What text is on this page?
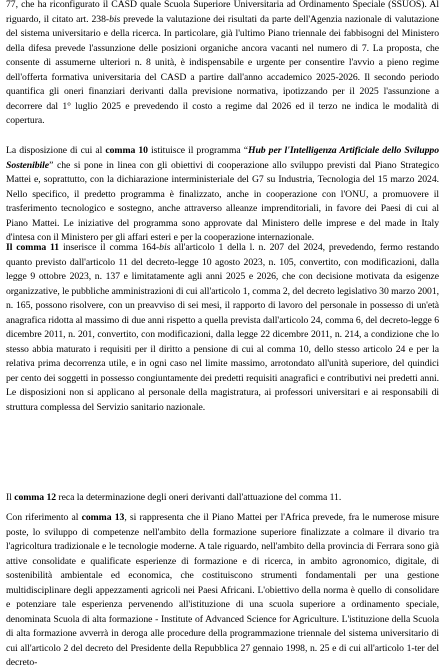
77, che ha riconfigurato il CASD quale Scuola Superiore Universitaria ad Ordinamento Speciale (SSUOS). Al riguardo, il citato art. 238-bis prevede la valutazione dei risultati da parte dell'Agenzia nazionale di valutazione del sistema universitario e della ricerca. In particolare, già l'ultimo Piano triennale dei fabbisogni del Ministero della difesa prevede l'assunzione delle posizioni organiche ancora vacanti nel numero di 7. La proposta, che consente di assumerne ulteriori n. 8 unità, è indispensabile e urgente per consentire l'avvio a pieno regime dell'offerta formativa universitaria del CASD a partire dall'anno accademico 2025-2026. Il secondo periodo quantifica gli oneri finanziari derivanti dalla previsione normativa, ipotizzando per il 2025 l'assunzione a decorrere dal 1° luglio 2025 e prevedendo il costo a regime dal 2026 ed il terzo ne indica le modalità di copertura.

La disposizione di cui al comma 10 istituisce il programma “Hub per l'Intelligenza Artificiale dello Sviluppo Sostenibile” che si pone in linea con gli obiettivi di cooperazione allo sviluppo previsti dal Piano Strategico Mattei e, soprattutto, con la dichiarazione interministeriale del G7 su Industria, Tecnologia del 15 marzo 2024. Nello specifico, il predetto programma è finalizzato, anche in cooperazione con l'ONU, a promuovere il trasferimento tecnologico e sostegno, anche attraverso alleanze imprenditoriali, in favore dei Paesi di cui al Piano Mattei. Le iniziative del programma sono approvate dal Ministero delle imprese e del made in Italy d'intesa con il Ministero per gli affari esteri e per la cooperazione internazionale.

Il comma 11 inserisce il comma 164-bis all'articolo 1 della l. n. 207 del 2024, prevedendo, fermo restando quanto previsto dall'articolo 11 del decreto-legge 10 agosto 2023, n. 105, convertito, con modificazioni, dalla legge 9 ottobre 2023, n. 137 e limitatamente agli anni 2025 e 2026, che con decisione motivata da esigenze organizzative, le pubbliche amministrazioni di cui all'articolo 1, comma 2, del decreto legislativo 30 marzo 2001, n. 165, possono risolvere, con un preavviso di sei mesi, il rapporto di lavoro del personale in possesso di un'età anagrafica ridotta al massimo di due anni rispetto a quella prevista dall'articolo 24, comma 6, del decreto-legge 6 dicembre 2011, n. 201, convertito, con modificazioni, dalla legge 22 dicembre 2011, n. 214, a condizione che lo stesso abbia maturato i requisiti per il diritto a pensione di cui al comma 10, dello stesso articolo 24 e per la relativa prima decorrenza utile, e in ogni caso nel limite massimo, arrotondato all'unità superiore, del quindici per cento dei soggetti in possesso congiuntamente dei predetti requisiti anagrafici e contributivi nei predetti anni. Le disposizioni non si applicano al personale della magistratura, ai professori universitari e ai responsabili di struttura complessa del Servizio sanitario nazionale.

Il comma 12 reca la determinazione degli oneri derivanti dall'attuazione del comma 11.

Con riferimento al comma 13, si rappresenta che il Piano Mattei per l'Africa prevede, fra le numerose misure poste, lo sviluppo di competenze nell'ambito della formazione superiore finalizzate a colmare il divario tra l'agricoltura tradizionale e le tecnologie moderne. A tale riguardo, nell'ambito della provincia di Ferrara sono già attive consolidate e qualificate esperienze di formazione e di ricerca, in ambito agronomico, digitale, di sostenibilità ambientale ed economica, che costituiscono strumenti fondamentali per una gestione multidisciplinare degli appezzamenti agricoli nei Paesi Africani. L'obiettivo della norma è quello di consolidare e potenziare tale esperienza pervenendo all'istituzione di una scuola superiore a ordinamento speciale, denominata Scuola di alta formazione - Institute of Advanced Science for Agriculture. L'istituzione della Scuola di alta formazione avverrà in deroga alle procedure della programmazione triennale del sistema universitario di cui all'articolo 2 del decreto del Presidente della Repubblica 27 gennaio 1998, n. 25 e di cui all'articolo 1-ter del decreto-
